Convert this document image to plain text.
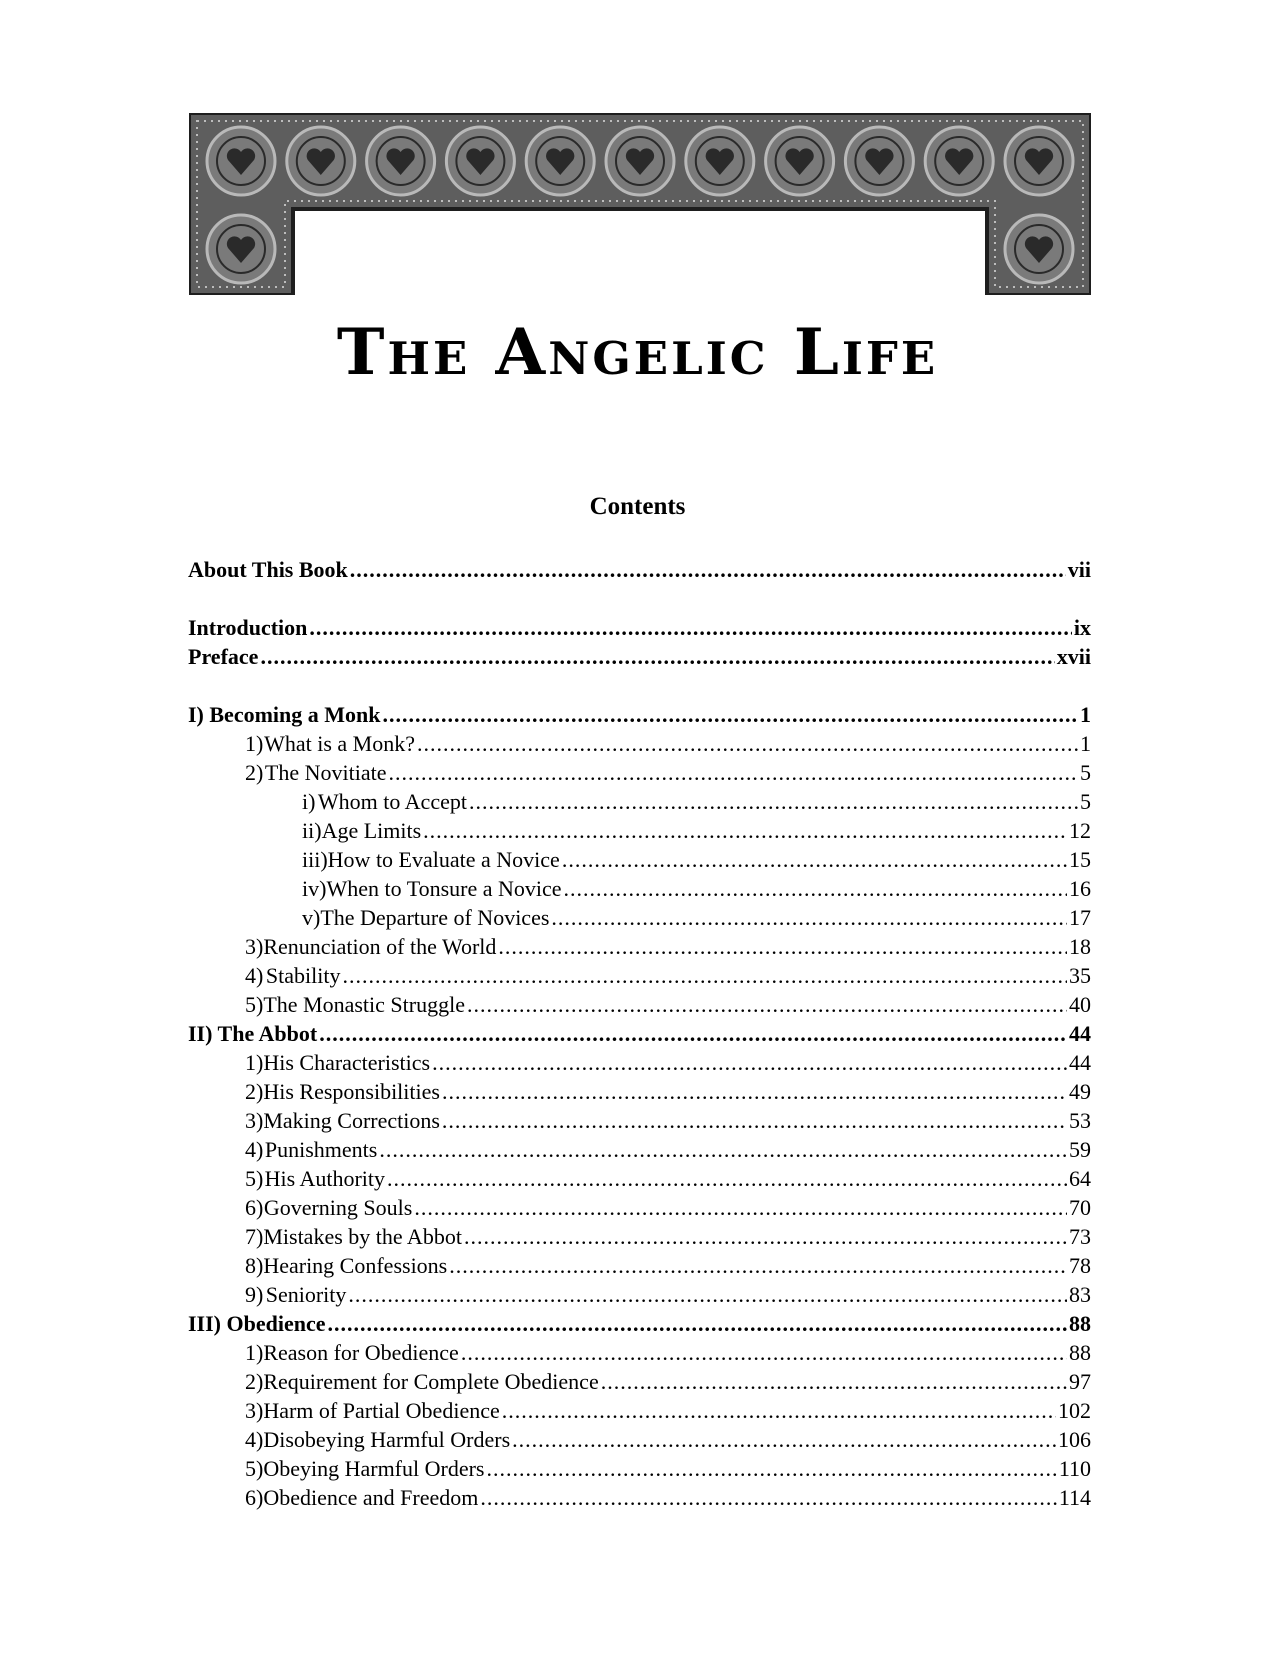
The Angelic Life
Contents
About This Book .....	vii
Introduction .....	ix
Preface .....	xvii
I) Becoming a Monk .....	1
1) What is a Monk? .....	1
2) The Novitiate .....	5
i) Whom to Accept .....	5
ii) Age Limits .....	12
iii) How to Evaluate a Novice .....	15
iv) When to Tonsure a Novice .....	16
v) The Departure of Novices .....	17
3) Renunciation of the World .....	18
4) Stability .....	35
5) The Monastic Struggle .....	40
II) The Abbot .....	44
1) His Characteristics .....	44
2) His Responsibilities .....	49
3) Making Corrections .....	53
4) Punishments .....	59
5) His Authority .....	64
6) Governing Souls .....	70
7) Mistakes by the Abbot .....	73
8) Hearing Confessions .....	78
9) Seniority .....	83
III) Obedience .....	88
1) Reason for Obedience .....	88
2) Requirement for Complete Obedience .....	97
3) Harm of Partial Obedience .....	102
4) Disobeying Harmful Orders .....	106
5) Obeying Harmful Orders .....	110
6) Obedience and Freedom .....	114
